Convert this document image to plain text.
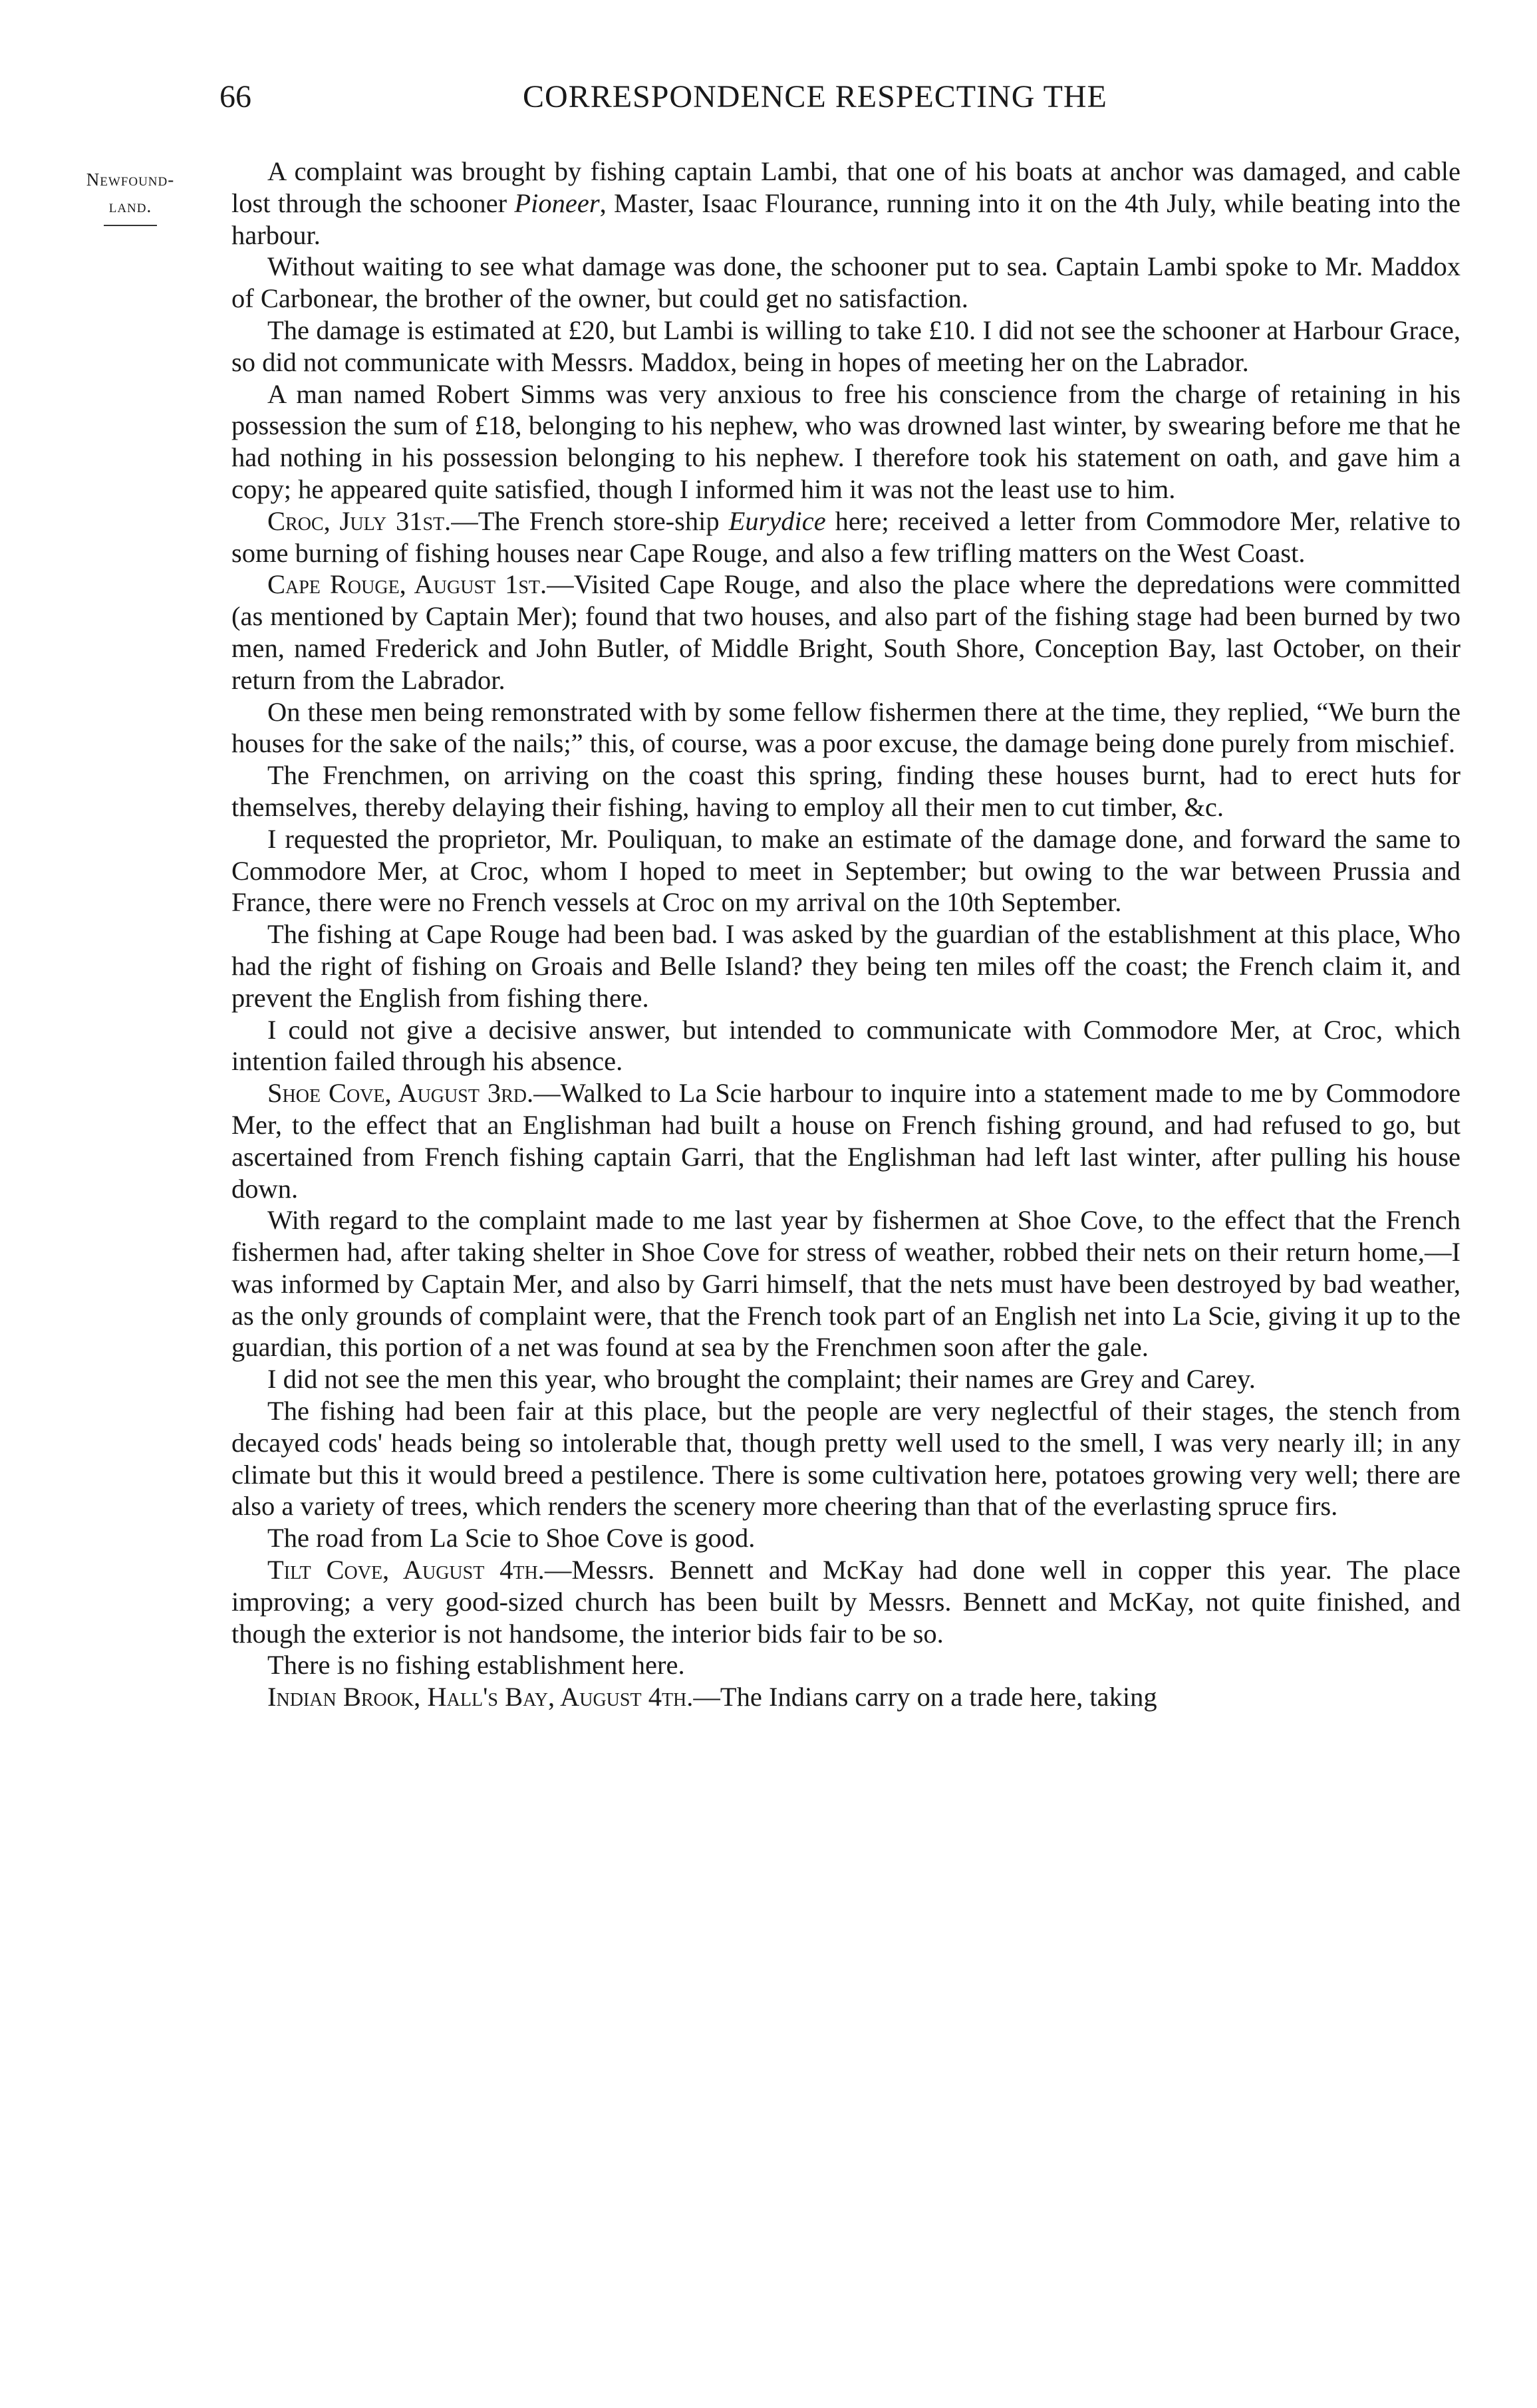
66	CORRESPONDENCE RESPECTING THE
Newfound-
land.

A complaint was brought by fishing captain Lambi, that one of his boats at anchor was damaged, and cable lost through the schooner Pioneer, Master, Isaac Flourance, running into it on the 4th July, while beating into the harbour.

Without waiting to see what damage was done, the schooner put to sea. Captain Lambi spoke to Mr. Maddox of Carbonear, the brother of the owner, but could get no satisfaction.

The damage is estimated at £20, but Lambi is willing to take £10. I did not see the schooner at Harbour Grace, so did not communicate with Messrs. Maddox, being in hopes of meeting her on the Labrador.

A man named Robert Simms was very anxious to free his conscience from the charge of retaining in his possession the sum of £18, belonging to his nephew, who was drowned last winter, by swearing before me that he had nothing in his possession belonging to his nephew. I therefore took his statement on oath, and gave him a copy; he appeared quite satisfied, though I informed him it was not the least use to him.

Croc, July 31st.—The French store-ship Eurydice here; received a letter from Commodore Mer, relative to some burning of fishing houses near Cape Rouge, and also a few trifling matters on the West Coast.

Cape Rouge, August 1st.—Visited Cape Rouge, and also the place where the depredations were committed (as mentioned by Captain Mer); found that two houses, and also part of the fishing stage had been burned by two men, named Frederick and John Butler, of Middle Bright, South Shore, Conception Bay, last October, on their return from the Labrador.

On these men being remonstrated with by some fellow fishermen there at the time, they replied, “We burn the houses for the sake of the nails;” this, of course, was a poor excuse, the damage being done purely from mischief.

The Frenchmen, on arriving on the coast this spring, finding these houses burnt, had to erect huts for themselves, thereby delaying their fishing, having to employ all their men to cut timber, &c.

I requested the proprietor, Mr. Pouliquan, to make an estimate of the damage done, and forward the same to Commodore Mer, at Croc, whom I hoped to meet in September; but owing to the war between Prussia and France, there were no French vessels at Croc on my arrival on the 10th September.

The fishing at Cape Rouge had been bad. I was asked by the guardian of the establishment at this place, Who had the right of fishing on Groais and Belle Island? they being ten miles off the coast; the French claim it, and prevent the English from fishing there.

I could not give a decisive answer, but intended to communicate with Commodore Mer, at Croc, which intention failed through his absence.

Shoe Cove, August 3rd.—Walked to La Scie harbour to inquire into a statement made to me by Commodore Mer, to the effect that an Englishman had built a house on French fishing ground, and had refused to go, but ascertained from French fishing captain Garri, that the Englishman had left last winter, after pulling his house down.

With regard to the complaint made to me last year by fishermen at Shoe Cove, to the effect that the French fishermen had, after taking shelter in Shoe Cove for stress of weather, robbed their nets on their return home,—I was informed by Captain Mer, and also by Garri himself, that the nets must have been destroyed by bad weather, as the only grounds of complaint were, that the French took part of an English net into La Scie, giving it up to the guardian, this portion of a net was found at sea by the Frenchmen soon after the gale.

I did not see the men this year, who brought the complaint; their names are Grey and Carey.

The fishing had been fair at this place, but the people are very neglectful of their stages, the stench from decayed cods' heads being so intolerable that, though pretty well used to the smell, I was very nearly ill; in any climate but this it would breed a pestilence. There is some cultivation here, potatoes growing very well; there are also a variety of trees, which renders the scenery more cheering than that of the everlasting spruce firs.

The road from La Scie to Shoe Cove is good.

Tilt Cove, August 4th.—Messrs. Bennett and McKay had done well in copper this year. The place improving; a very good-sized church has been built by Messrs. Bennett and McKay, not quite finished, and though the exterior is not handsome, the interior bids fair to be so.

There is no fishing establishment here.

Indian Brook, Hall's Bay, August 4th.—The Indians carry on a trade here, taking
